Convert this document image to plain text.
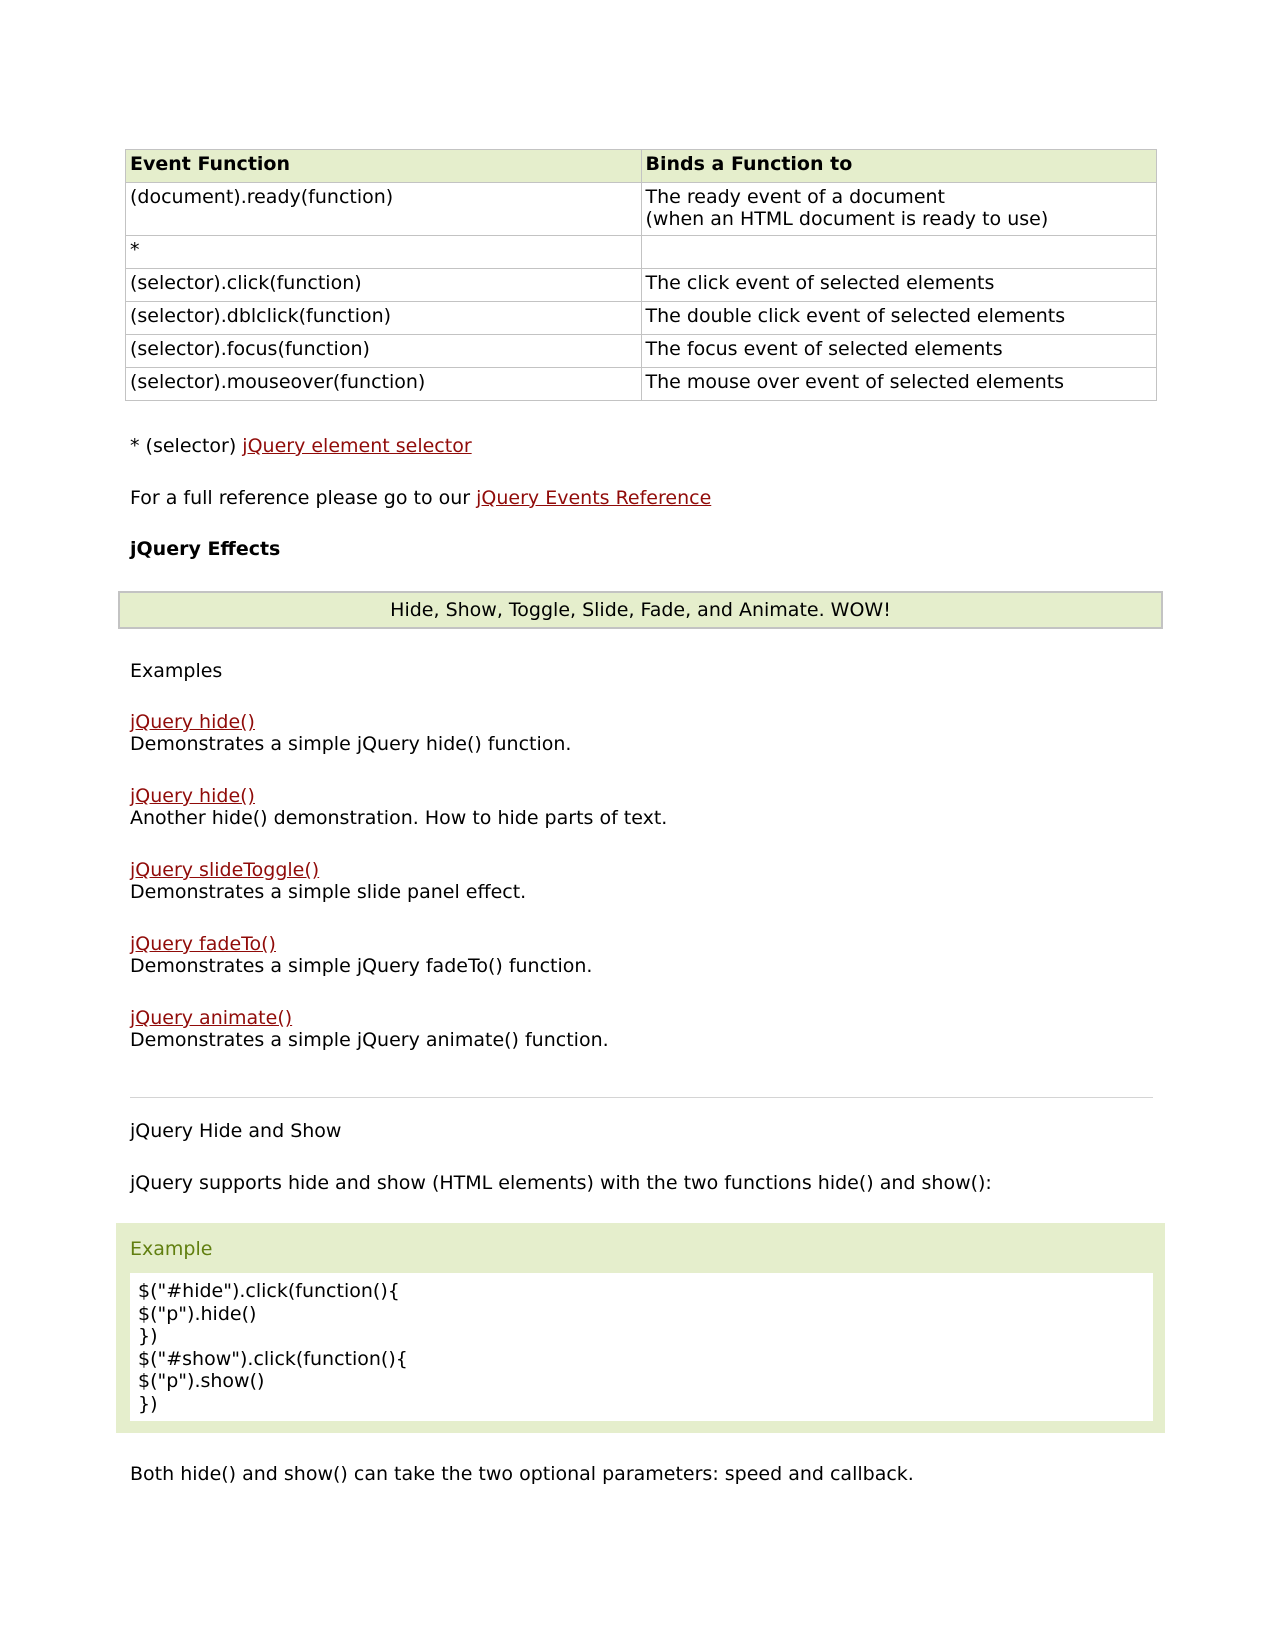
Event Function	Binds a Function to
(document).ready(function)	The ready event of a document
(when an HTML document is ready to use)

*	
(selector).click(function)	The click event of selected elements
(selector).dblclick(function)	The double click event of selected elements
(selector).focus(function)	The focus event of selected elements
(selector).mouseover(function)	The mouse over event of selected elements
* (selector) jQuery element selector
For a full reference please go to our jQuery Events Reference
jQuery Effects
Hide, Show, Toggle, Slide, Fade, and Animate. WOW!
Examples
jQuery hide()
Demonstrates a simple jQuery hide() function.
jQuery hide()
Another hide() demonstration. How to hide parts of text.
jQuery slideToggle()
Demonstrates a simple slide panel effect.
jQuery fadeTo()
Demonstrates a simple jQuery fadeTo() function.
jQuery animate()
Demonstrates a simple jQuery animate() function.
jQuery Hide and Show
jQuery supports hide and show (HTML elements) with the two functions hide() and show():
Example
$("#hide").click(function(){
$("p").hide()
})
$("#show").click(function(){
$("p").show()
})
Both hide() and show() can take the two optional parameters: speed and callback.
